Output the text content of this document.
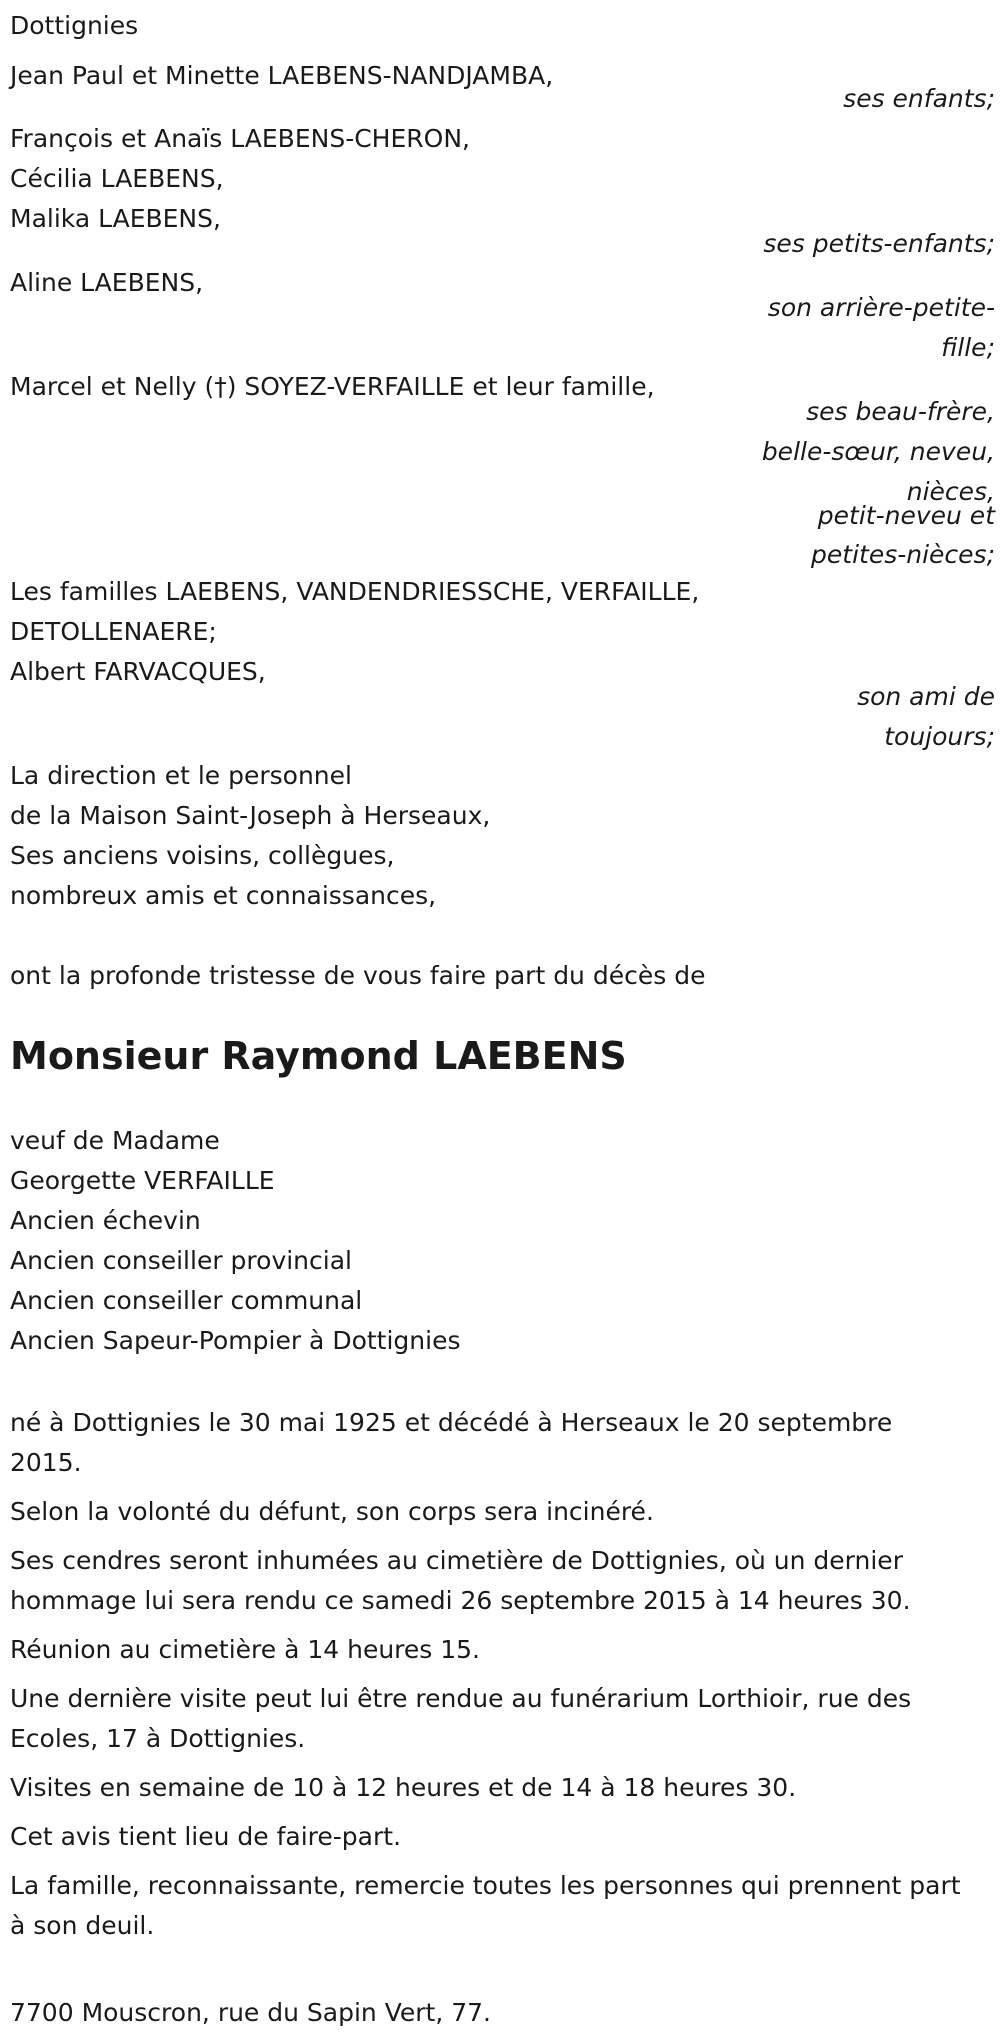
Dottignies
Jean Paul et Minette LAEBENS-NANDJAMBA,
ses enfants;
François et Anaïs LAEBENS-CHERON,
Cécilia LAEBENS,
Malika LAEBENS,
ses petits-enfants;
Aline LAEBENS,
son arrière-petite-
fille;
Marcel et Nelly (†) SOYEZ-VERFAILLE et leur famille,
ses beau-frère,
belle-sœur, neveu,
nièces,
petit-neveu et
petites-nièces;
Les familles LAEBENS, VANDENDRIESSCHE, VERFAILLE,
DETOLLENAERE;
Albert FARVACQUES,
son ami de
toujours;
La direction et le personnel
de la Maison Saint-Joseph à Herseaux,
Ses anciens voisins, collègues,
nombreux amis et connaissances,
ont la profonde tristesse de vous faire part du décès de
Monsieur Raymond LAEBENS
veuf de Madame
Georgette VERFAILLE
Ancien échevin
Ancien conseiller provincial
Ancien conseiller communal
Ancien Sapeur-Pompier à Dottignies
né à Dottignies le 30 mai 1925 et décédé à Herseaux le 20 septembre 2015.
Selon la volonté du défunt, son corps sera incinéré.
Ses cendres seront inhumées au cimetière de Dottignies, où un dernier hommage lui sera rendu ce samedi 26 septembre 2015 à 14 heures 30.
Réunion au cimetière à 14 heures 15.
Une dernière visite peut lui être rendue au funérarium Lorthioir, rue des Ecoles, 17 à Dottignies.
Visites en semaine de 10 à 12 heures et de 14 à 18 heures 30.
Cet avis tient lieu de faire-part.
La famille, reconnaissante, remercie toutes les personnes qui prennent part à son deuil.
7700 Mouscron, rue du Sapin Vert, 77.
